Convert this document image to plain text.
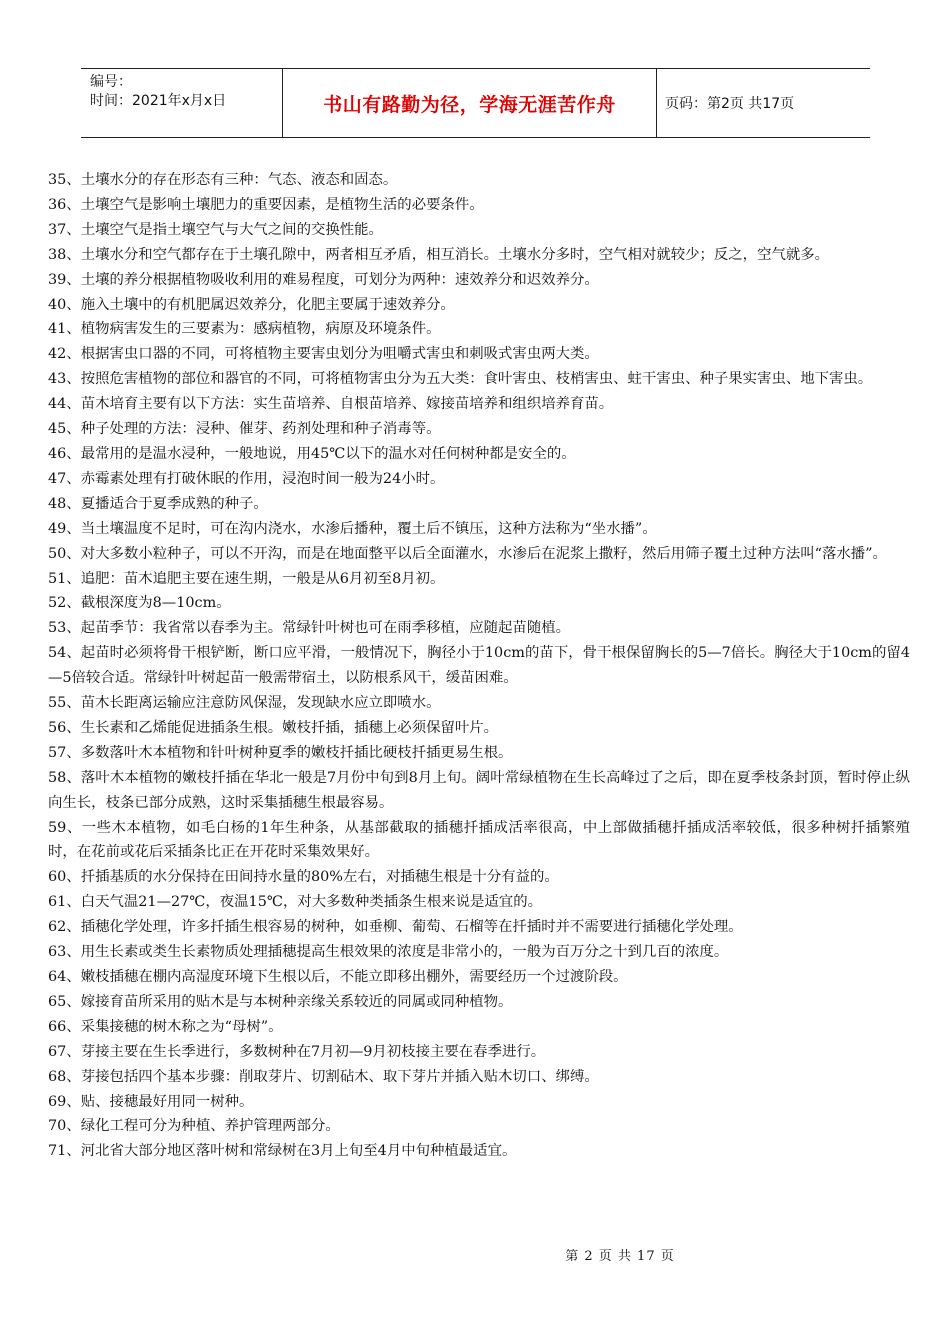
编号：
时间：2021年x月x日	书山有路勤为径，学海无涯苦作舟	页码：第2页 共17页
35、土壤水分的存在形态有三种：气态、液态和固态。
36、土壤空气是影响土壤肥力的重要因素，是植物生活的必要条件。
37、土壤空气是指土壤空气与大气之间的交换性能。
38、土壤水分和空气都存在于土壤孔隙中，两者相互矛盾，相互消长。土壤水分多时，空气相对就较少；反之，空气就多。
39、土壤的养分根据植物吸收利用的难易程度，可划分为两种：速效养分和迟效养分。
40、施入土壤中的有机肥属迟效养分，化肥主要属于速效养分。
41、植物病害发生的三要素为：感病植物，病原及环境条件。
42、根据害虫口器的不同，可将植物主要害虫划分为咀嚼式害虫和刺吸式害虫两大类。
43、按照危害植物的部位和器官的不同，可将植物害虫分为五大类：食叶害虫、枝梢害虫、蛀干害虫、种子果实害虫、地下害虫。
44、苗木培育主要有以下方法：实生苗培养、自根苗培养、嫁接苗培养和组织培养育苗。
45、种子处理的方法：浸种、催芽、药剂处理和种子消毒等。
46、最常用的是温水浸种，一般地说，用45℃以下的温水对任何树种都是安全的。
47、赤霉素处理有打破休眠的作用，浸泡时间一般为24小时。
48、夏播适合于夏季成熟的种子。
49、当土壤温度不足时，可在沟内浇水，水渗后播种，覆土后不镇压，这种方法称为“坐水播”。
50、对大多数小粒种子，可以不开沟，而是在地面整平以后全面灌水，水渗后在泥浆上撒籽，然后用筛子覆土过种方法叫“落水播”。
51、追肥：苗木追肥主要在速生期，一般是从6月初至8月初。
52、截根深度为8—10cm。
53、起苗季节：我省常以春季为主。常绿针叶树也可在雨季移植，应随起苗随植。
54、起苗时必须将骨干根铲断，断口应平滑，一般情况下，胸径小于10cm的苗下，骨干根保留胸长的5—7倍长。胸径大于10cm的留4—5倍较合适。常绿针叶树起苗一般需带宿土，以防根系风干，缓苗困难。
55、苗木长距离运输应注意防风保湿，发现缺水应立即喷水。
56、生长素和乙烯能促进插条生根。嫩枝扦插，插穗上必须保留叶片。
57、多数落叶木本植物和针叶树种夏季的嫩枝扦插比硬枝扦插更易生根。
58、落叶木本植物的嫩枝扦插在华北一般是7月份中旬到8月上旬。阔叶常绿植物在生长高峰过了之后，即在夏季枝条封顶，暂时停止纵向生长，枝条已部分成熟，这时采集插穗生根最容易。
59、一些木本植物，如毛白杨的1年生种条，从基部截取的插穗扦插成活率很高，中上部做插穗扦插成活率较低，很多种树扦插繁殖时，在花前或花后采插条比正在开花时采集效果好。
60、扦插基质的水分保持在田间持水量的80%左右，对插穗生根是十分有益的。
61、白天气温21—27℃，夜温15℃，对大多数种类插条生根来说是适宜的。
62、插穗化学处理，许多扦插生根容易的树种，如垂柳、葡萄、石榴等在扦插时并不需要进行插穗化学处理。
63、用生长素或类生长素物质处理插穗提高生根效果的浓度是非常小的，一般为百万分之十到几百的浓度。
64、嫩枝插穗在棚内高湿度环境下生根以后，不能立即移出棚外，需要经历一个过渡阶段。
65、嫁接育苗所采用的贴木是与本树种亲缘关系较近的同属或同种植物。
66、采集接穗的树木称之为“母树”。
67、芽接主要在生长季进行，多数树种在7月初—9月初枝接主要在春季进行。
68、芽接包括四个基本步骤：削取芽片、切割砧木、取下芽片并插入贴木切口、绑缚。
69、贴、接穗最好用同一树种。
70、绿化工程可分为种植、养护管理两部分。
71、河北省大部分地区落叶树和常绿树在3月上旬至4月中旬种植最适宜。
第 2 页 共 17 页
